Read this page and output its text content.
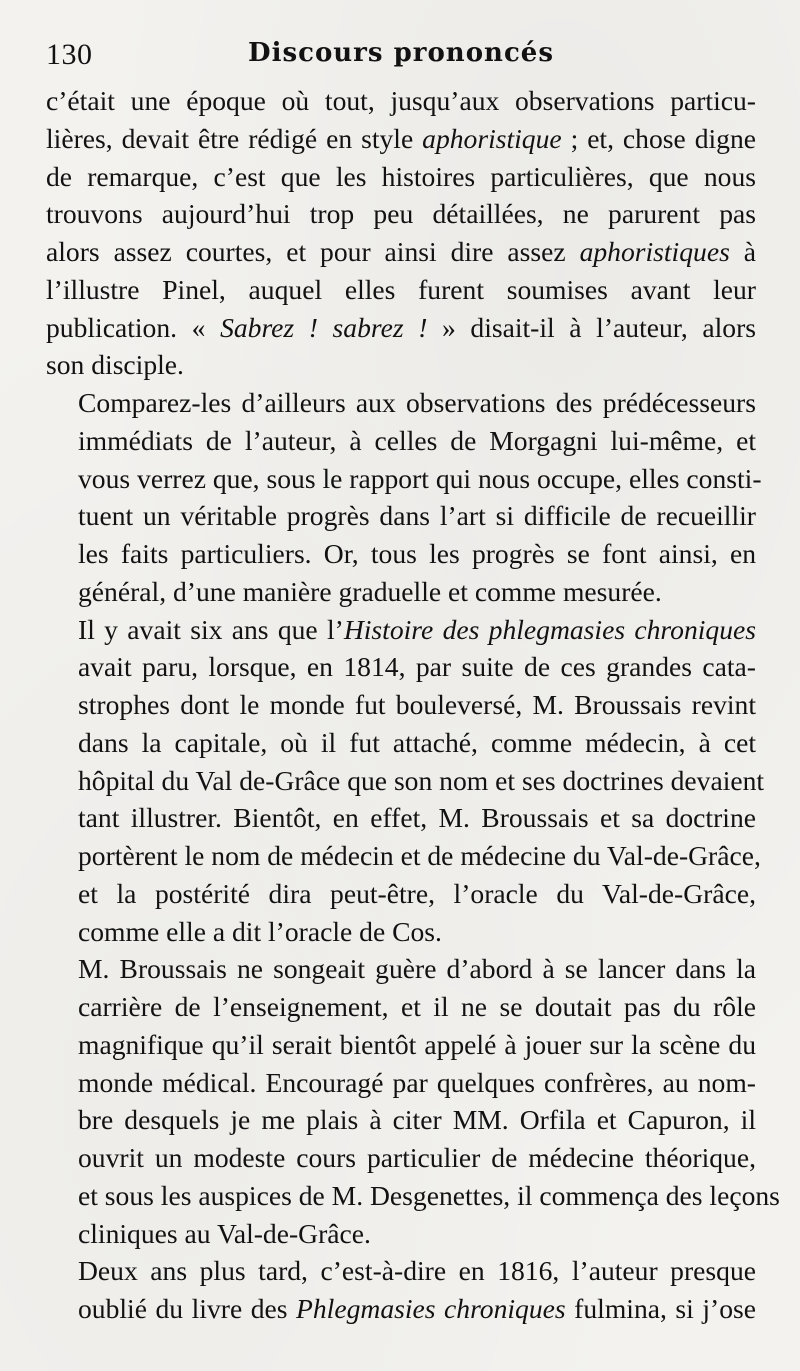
130	Discours prononcés
c’était une époque où tout, jusqu’aux observations particu-
lières, devait être rédigé en style aphoristique ; et, chose digne
de remarque, c’est que les histoires particulières, que nous
trouvons aujourd’hui trop peu détaillées, ne parurent pas
alors assez courtes, et pour ainsi dire assez aphoristiques à
l’illustre Pinel, auquel elles furent soumises avant leur
publication. « Sabrez ! sabrez ! » disait-il à l’auteur, alors
son disciple.
Comparez-les d’ailleurs aux observations des prédécesseurs
immédiats de l’auteur, à celles de Morgagni lui-même, et
vous verrez que, sous le rapport qui nous occupe, elles consti-
tuent un véritable progrès dans l’art si difficile de recueillir
les faits particuliers. Or, tous les progrès se font ainsi, en
général, d’une manière graduelle et comme mesurée.
Il y avait six ans que l’Histoire des phlegmasies chroniques
avait paru, lorsque, en 1814, par suite de ces grandes cata-
strophes dont le monde fut bouleversé, M. Broussais revint
dans la capitale, où il fut attaché, comme médecin, à cet
hôpital du Val de-Grâce que son nom et ses doctrines devaient
tant illustrer. Bientôt, en effet, M. Broussais et sa doctrine
portèrent le nom de médecin et de médecine du Val-de-Grâce,
et la postérité dira peut-être, l’oracle du Val-de-Grâce,
comme elle a dit l’oracle de Cos.
M. Broussais ne songeait guère d’abord à se lancer dans la
carrière de l’enseignement, et il ne se doutait pas du rôle
magnifique qu’il serait bientôt appelé à jouer sur la scène du
monde médical. Encouragé par quelques confrères, au nom-
bre desquels je me plais à citer MM. Orfila et Capuron, il
ouvrit un modeste cours particulier de médecine théorique,
et sous les auspices de M. Desgenettes, il commença des leçons
cliniques au Val-de-Grâce.
Deux ans plus tard, c’est-à-dire en 1816, l’auteur presque
oublié du livre des Phlegmasies chroniques fulmina, si j’ose
